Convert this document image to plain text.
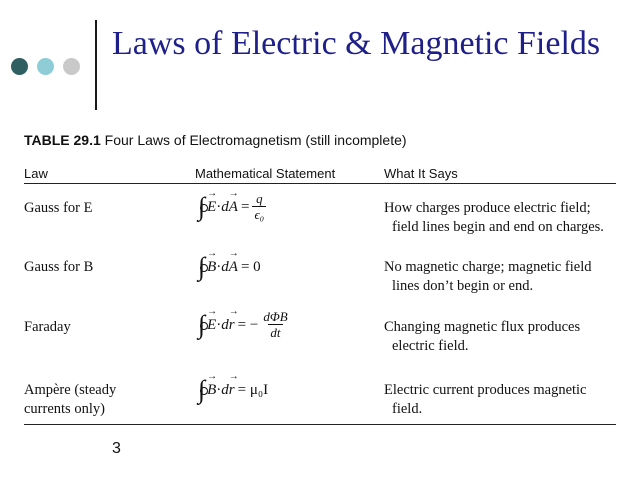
Laws of Electric & Magnetic Fields
TABLE 29.1 Four Laws of Electromagnetism (still incomplete)
Law	Mathematical Statement	What It Says
Gauss for E	∫
→ E · d
→ $A = \frac{q}{\text{ϵ₀}}$	How charges produce electric field;
field lines begin and end on charges.
Gauss for B	∫
→ B · d
→ A = 0	No magnetic charge; magnetic field
lines don’t begin or end.
Faraday	∫
→ E · d
→ r = − $\frac{\text{dΦB}}{dt}$	Changing magnetic flux produces
electric field.
Ampère (steady
currents only)
∫
→ B · d
→ r = μ₀I	Electric current produces magnetic
field.
3
